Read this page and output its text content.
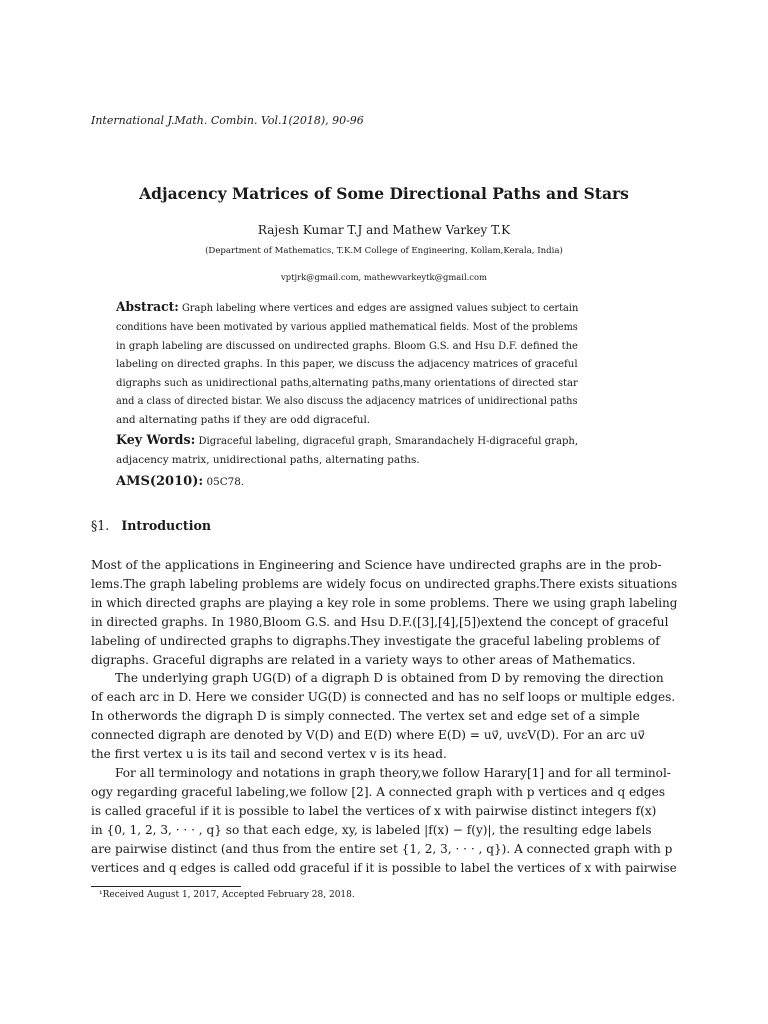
International J.Math. Combin. Vol.1(2018), 90-96
Adjacency Matrices of Some Directional Paths and Stars
Rajesh Kumar T.J and Mathew Varkey T.K
(Department of Mathematics, T.K.M College of Engineering, Kollam,Kerala, India)
vptjrk@gmail.com, mathewvarkeytk@gmail.com
Abstract: Graph labeling where vertices and edges are assigned values subject to certain
conditions have been motivated by various applied mathematical fields. Most of the problems
in graph labeling are discussed on undirected graphs. Bloom G.S. and Hsu D.F. defined the
labeling on directed graphs. In this paper, we discuss the adjacency matrices of graceful
digraphs such as unidirectional paths,alternating paths,many orientations of directed star
and a class of directed bistar. We also discuss the adjacency matrices of unidirectional paths
and alternating paths if they are odd digraceful.
Key Words: Digraceful labeling, digraceful graph, Smarandachely H-digraceful graph,
adjacency matrix, unidirectional paths, alternating paths.
AMS(2010): 05C78.
§1. Introduction
Most of the applications in Engineering and Science have undirected graphs are in the prob-
lems.The graph labeling problems are widely focus on undirected graphs.There exists situations
in which directed graphs are playing a key role in some problems. There we using graph labeling
in directed graphs. In 1980,Bloom G.S. and Hsu D.F.([3],[4],[5])extend the concept of graceful
labeling of undirected graphs to digraphs.They investigate the graceful labeling problems of
digraphs. Graceful digraphs are related in a variety ways to other areas of Mathematics.
The underlying graph UG(D) of a digraph D is obtained from D by removing the direction
of each arc in D. Here we consider UG(D) is connected and has no self loops or multiple edges.
In otherwords the digraph D is simply connected. The vertex set and edge set of a simple
connected digraph are denoted by V(D) and E(D) where E(D) = uv⃗, uvεV(D). For an arc uv⃗
the first vertex u is its tail and second vertex v is its head.
For all terminology and notations in graph theory,we follow Harary[1] and for all terminol-
ogy regarding graceful labeling,we follow [2]. A connected graph with p vertices and q edges
is called graceful if it is possible to label the vertices of x with pairwise distinct integers f(x)
in {0, 1, 2, 3, · · · , q} so that each edge, xy, is labeled |f(x) − f(y)|, the resulting edge labels
are pairwise distinct (and thus from the entire set {1, 2, 3, · · · , q}). A connected graph with p
vertices and q edges is called odd graceful if it is possible to label the vertices of x with pairwise
¹Received August 1, 2017, Accepted February 28, 2018.
